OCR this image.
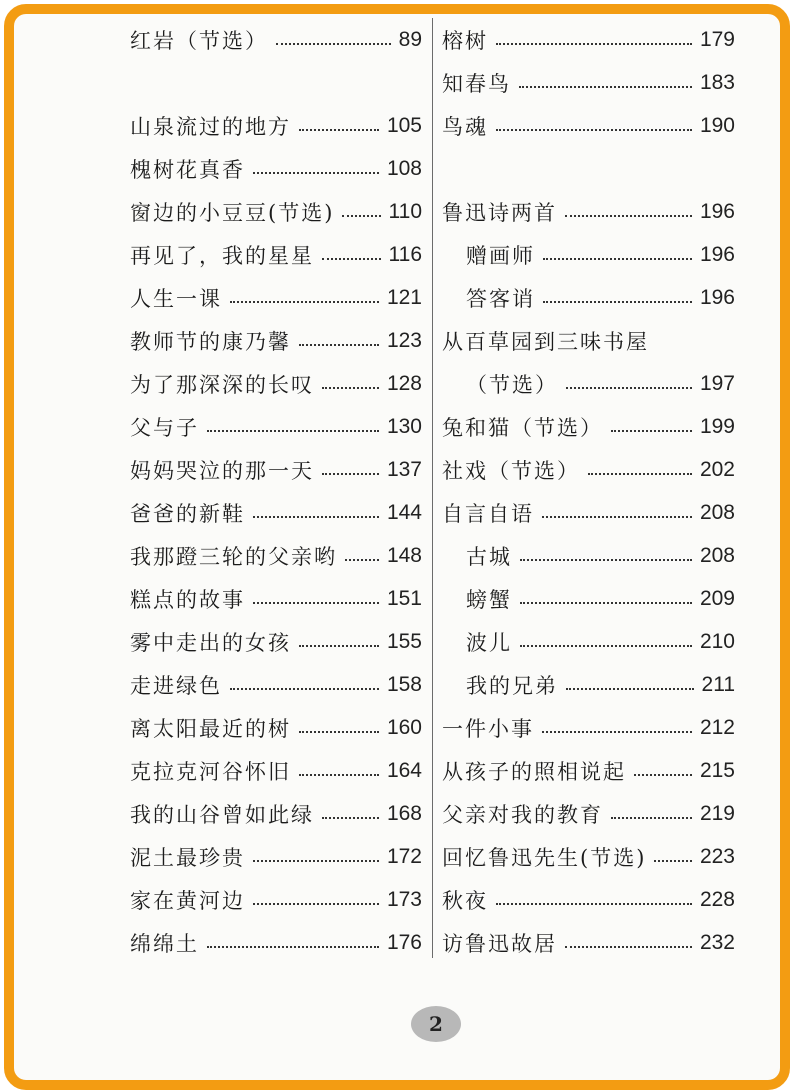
红岩（节选）	89
山泉流过的地方	105
槐树花真香	108
窗边的小豆豆(节选)	110
再见了，我的星星	116
人生一课	121
教师节的康乃馨	123
为了那深深的长叹	128
父与子	130
妈妈哭泣的那一天	137
爸爸的新鞋	144
我那蹬三轮的父亲哟 148
糕点的故事	151
雾中走出的女孩	155
走进绿色	158
离太阳最近的树	160
克拉克河谷怀旧	164
我的山谷曾如此绿	168
泥土最珍贵	172
家在黄河边	173
绵绵土	176
榕树	179
知春鸟	183
鸟魂	190
鲁迅诗两首	196
赠画师	196
答客诮	196
从百草园到三味书屋
（节选）	197
兔和猫（节选）	199
社戏（节选）	202
自言自语	208
古城	208
螃蟹	209
波儿	210
我的兄弟	211
一件小事	212
从孩子的照相说起	215
父亲对我的教育	219
回忆鲁迅先生(节选)	223
秋夜	228
访鲁迅故居	232
2
